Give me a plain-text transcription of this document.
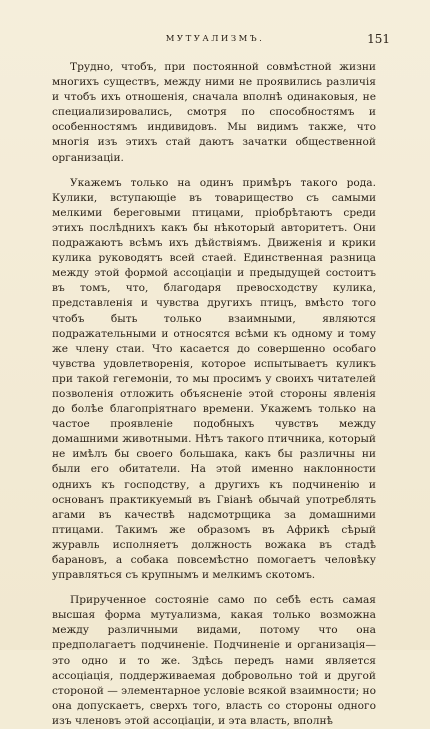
МУТУАЛИЗМЪ.	151

Трудно, чтобъ, при постоянной совмѣстной жизни многихъ существъ, между ними не проявились различія и чтобъ ихъ отношенія, сначала вполнѣ одинаковыя, не специализировались, смотря по способностямъ и особенностямъ индивидовъ. Мы видимъ также, что многія изъ этихъ стай даютъ зачатки общественной организаціи.

Укажемъ только на одинъ примѣръ такого рода. Кулики, вступающіе въ товарищество съ самыми мелкими береговыми птицами, пріобрѣтаютъ среди этихъ послѣднихъ какъ бы нѣкоторый авторитетъ. Они подражаютъ всѣмъ ихъ дѣйствіямъ. Движенія и крики кулика руководятъ всей стаей. Единственная разница между этой формой ассоціаціи и предыдущей состоитъ въ томъ, что, благодаря превосходству кулика, представленія и чувства другихъ птицъ, вмѣсто того чтобъ быть только взаимными, являются подражательными и относятся всѣми къ одному и тому же члену стаи. Что касается до совершенно особаго чувства удовлетворенія, которое испытываетъ куликъ при такой гегемоніи, то мы просимъ у своихъ читателей позволенія отложить объясненіе этой стороны явленія до болѣе благопріятнаго времени. Укажемъ только на частое проявленіе подобныхъ чувствъ между домашними животными. Нѣтъ такого птичника, который не имѣлъ бы своего большака, какъ бы различны ни были его обитатели. На этой именно наклонности однихъ къ господству, а другихъ къ подчиненію и основанъ практикуемый въ Гвіанѣ обычай употреблять агами въ качествѣ надсмотрщика за домашними птицами. Такимъ же образомъ въ Африкѣ сѣрый журавль исполняетъ должность вожака въ стадѣ барановъ, а собака повсемѣстно помогаетъ человѣку управляться съ крупнымъ и мелкимъ скотомъ.

Прирученное состояніе само по себѣ есть самая высшая форма мутуализма, какая только возможна между различными видами, потому что она предполагаетъ подчиненіе. Подчиненіе и организація—это одно и то же. Здѣсь передъ нами является ассоціація, поддерживаемая добровольно той и другой стороной — элементарное условіе всякой взаимности; но она допускаетъ, сверхъ того, власть со стороны одного изъ членовъ этой ассоціаціи, и эта власть, вполнѣ
